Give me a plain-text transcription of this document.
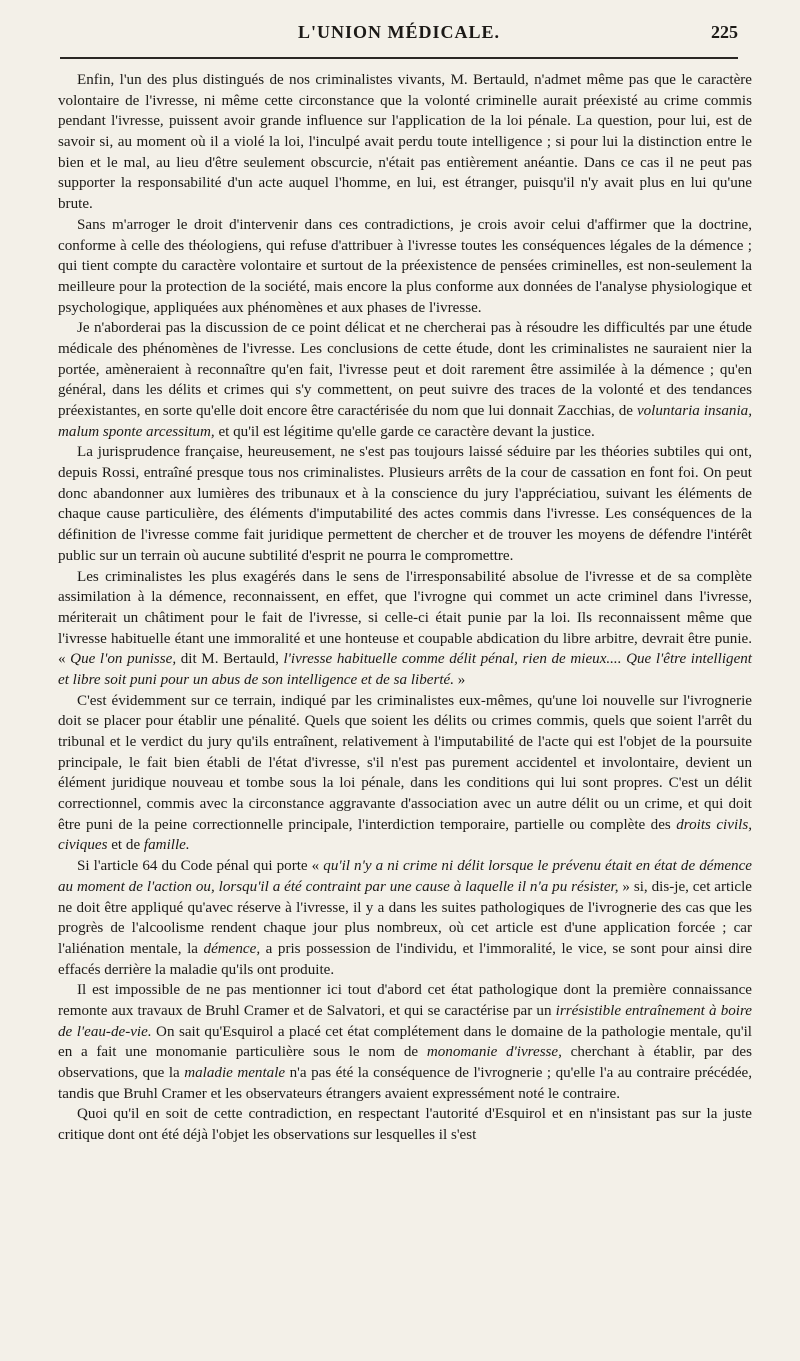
L'UNION MÉDICALE.	225

Enfin, l'un des plus distingués de nos criminalistes vivants, M. Bertauld, n'admet même pas que le caractère volontaire de l'ivresse, ni même cette circonstance que la volonté criminelle aurait préexisté au crime commis pendant l'ivresse, puissent avoir grande influence sur l'application de la loi pénale. La question, pour lui, est de savoir si, au moment où il a violé la loi, l'inculpé avait perdu toute intelligence ; si pour lui la distinction entre le bien et le mal, au lieu d'être seulement obscurcie, n'était pas entièrement anéantie. Dans ce cas il ne peut pas supporter la responsabilité d'un acte auquel l'homme, en lui, est étranger, puisqu'il n'y avait plus en lui qu'une brute.

Sans m'arroger le droit d'intervenir dans ces contradictions, je crois avoir celui d'affirmer que la doctrine, conforme à celle des théologiens, qui refuse d'attribuer à l'ivresse toutes les conséquences légales de la démence ; qui tient compte du caractère volontaire et surtout de la préexistence de pensées criminelles, est non-seulement la meilleure pour la protection de la société, mais encore la plus conforme aux données de l'analyse physiologique et psychologique, appliquées aux phénomènes et aux phases de l'ivresse.

Je n'aborderai pas la discussion de ce point délicat et ne chercherai pas à résoudre les difficultés par une étude médicale des phénomènes de l'ivresse. Les conclusions de cette étude, dont les criminalistes ne sauraient nier la portée, amèneraient à reconnaître qu'en fait, l'ivresse peut et doit rarement être assimilée à la démence ; qu'en général, dans les délits et crimes qui s'y commettent, on peut suivre des traces de la volonté et des tendances préexistantes, en sorte qu'elle doit encore être caractérisée du nom que lui donnait Zacchias, de voluntaria insania, malum sponte arcessitum, et qu'il est légitime qu'elle garde ce caractère devant la justice.

La jurisprudence française, heureusement, ne s'est pas toujours laissé séduire par les théories subtiles qui ont, depuis Rossi, entraîné presque tous nos criminalistes. Plusieurs arrêts de la cour de cassation en font foi. On peut donc abandonner aux lumières des tribunaux et à la conscience du jury l'appréciatiou, suivant les éléments de chaque cause particulière, des éléments d'imputabilité des actes commis dans l'ivresse. Les conséquences de la définition de l'ivresse comme fait juridique permettent de chercher et de trouver les moyens de défendre l'intérêt public sur un terrain où aucune subtilité d'esprit ne pourra le compromettre.

Les criminalistes les plus exagérés dans le sens de l'irresponsabilité absolue de l'ivresse et de sa complète assimilation à la démence, reconnaissent, en effet, que l'ivrogne qui commet un acte criminel dans l'ivresse, mériterait un châtiment pour le fait de l'ivresse, si celle-ci était punie par la loi. Ils reconnaissent même que l'ivresse habituelle étant une immoralité et une honteuse et coupable abdication du libre arbitre, devrait être punie. « Que l'on punisse, dit M. Bertauld, l'ivresse habituelle comme délit pénal, rien de mieux.... Que l'être intelligent et libre soit puni pour un abus de son intelligence et de sa liberté. »

C'est évidemment sur ce terrain, indiqué par les criminalistes eux-mêmes, qu'une loi nouvelle sur l'ivrognerie doit se placer pour établir une pénalité. Quels que soient les délits ou crimes commis, quels que soient l'arrêt du tribunal et le verdict du jury qu'ils entraînent, relativement à l'imputabilité de l'acte qui est l'objet de la poursuite principale, le fait bien établi de l'état d'ivresse, s'il n'est pas purement accidentel et involontaire, devient un élément juridique nouveau et tombe sous la loi pénale, dans les conditions qui lui sont propres. C'est un délit correctionnel, commis avec la circonstance aggravante d'association avec un autre délit ou un crime, et qui doit être puni de la peine correctionnelle principale, l'interdiction temporaire, partielle ou complète des droits civils, civiques et de famille.

Si l'article 64 du Code pénal qui porte « qu'il n'y a ni crime ni délit lorsque le prévenu était en état de démence au moment de l'action ou, lorsqu'il a été contraint par une cause à laquelle il n'a pu résister, » si, dis-je, cet article ne doit être appliqué qu'avec réserve à l'ivresse, il y a dans les suites pathologiques de l'ivrognerie des cas que les progrès de l'alcoolisme rendent chaque jour plus nombreux, où cet article est d'une application forcée ; car l'aliénation mentale, la démence, a pris possession de l'individu, et l'immoralité, le vice, se sont pour ainsi dire effacés derrière la maladie qu'ils ont produite.

Il est impossible de ne pas mentionner ici tout d'abord cet état pathologique dont la première connaissance remonte aux travaux de Bruhl Cramer et de Salvatori, et qui se caractérise par un irrésistible entraînement à boire de l'eau-de-vie. On sait qu'Esquirol a placé cet état complétement dans le domaine de la pathologie mentale, qu'il en a fait une monomanie particulière sous le nom de monomanie d'ivresse, cherchant à établir, par des observations, que la maladie mentale n'a pas été la conséquence de l'ivrognerie ; qu'elle l'a au contraire précédée, tandis que Bruhl Cramer et les observateurs étrangers avaient expressément noté le contraire.

Quoi qu'il en soit de cette contradiction, en respectant l'autorité d'Esquirol et en n'insistant pas sur la juste critique dont ont été déjà l'objet les observations sur lesquelles il s'est
